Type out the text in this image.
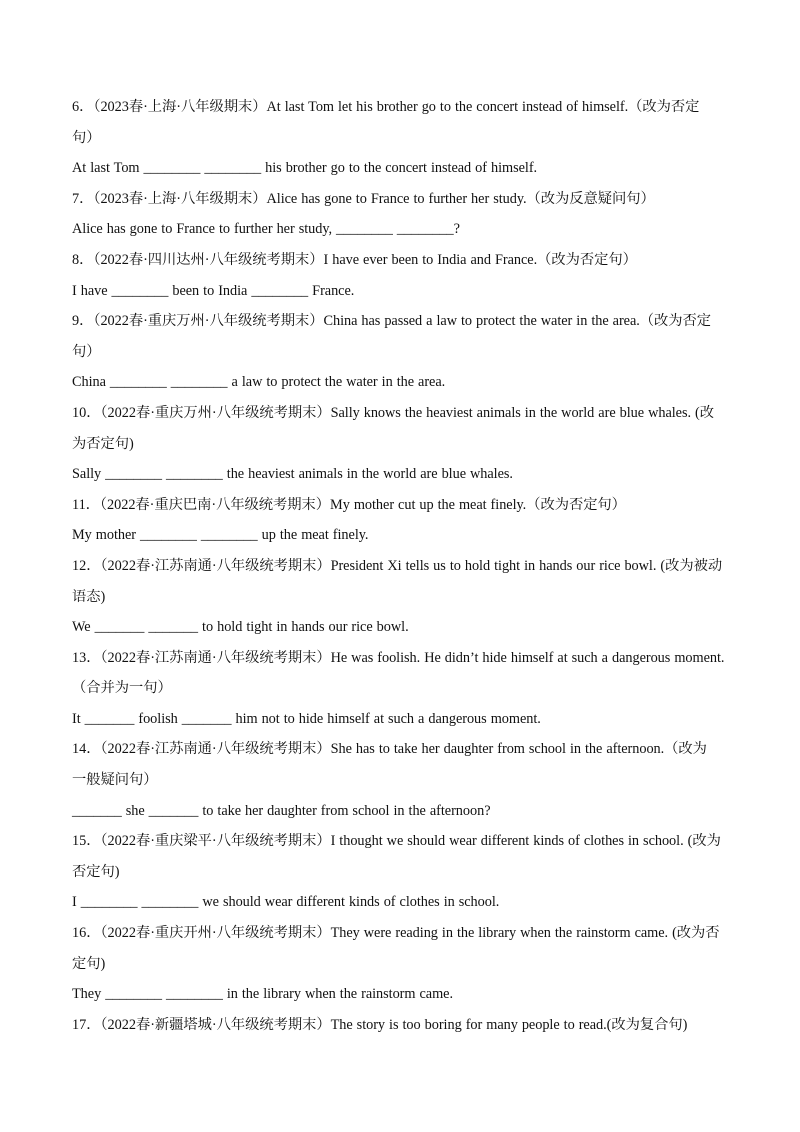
6．（2023春·上海·八年级期末）At last Tom let his brother go to the concert instead of himself.（改为否定
句）
At last Tom ________ ________ his brother go to the concert instead of himself.
7．（2023春·上海·八年级期末）Alice has gone to France to further her study.（改为反意疑问句）
Alice has gone to France to further her study, ________ ________?
8．（2022春·四川达州·八年级统考期末）I have ever been to India and France.（改为否定句）
I have ________ been to India ________ France.
9．（2022春·重庆万州·八年级统考期末）China has passed a law to protect the water in the area.（改为否定
句）
China ________ ________ a law to protect the water in the area.
10．（2022春·重庆万州·八年级统考期末）Sally knows the heaviest animals in the world are blue whales. (改
为否定句)
Sally ________ ________ the heaviest animals in the world are blue whales.
11．（2022春·重庆巴南·八年级统考期末）My mother cut up the meat finely.（改为否定句）
My mother ________ ________ up the meat finely.
12．（2022春·江苏南通·八年级统考期末）President Xi tells us to hold tight in hands our rice bowl. (改为被动
语态)
We _______ _______ to hold tight in hands our rice bowl.
13．（2022春·江苏南通·八年级统考期末）He was foolish. He didn’t hide himself at such a dangerous moment.
（合并为一句）
It _______ foolish _______ him not to hide himself at such a dangerous moment.
14．（2022春·江苏南通·八年级统考期末）She has to take her daughter from school in the afternoon.（改为
一般疑问句）
_______ she _______ to take her daughter from school in the afternoon?
15．（2022春·重庆梁平·八年级统考期末）I thought we should wear different kinds of clothes in school. (改为
否定句)
I ________ ________ we should wear different kinds of clothes in school.
16．（2022春·重庆开州·八年级统考期末）They were reading in the library when the rainstorm came. (改为否
定句)
They ________ ________ in the library when the rainstorm came.
17．（2022春·新疆塔城·八年级统考期末）The story is too boring for many people to read.(改为复合句)
